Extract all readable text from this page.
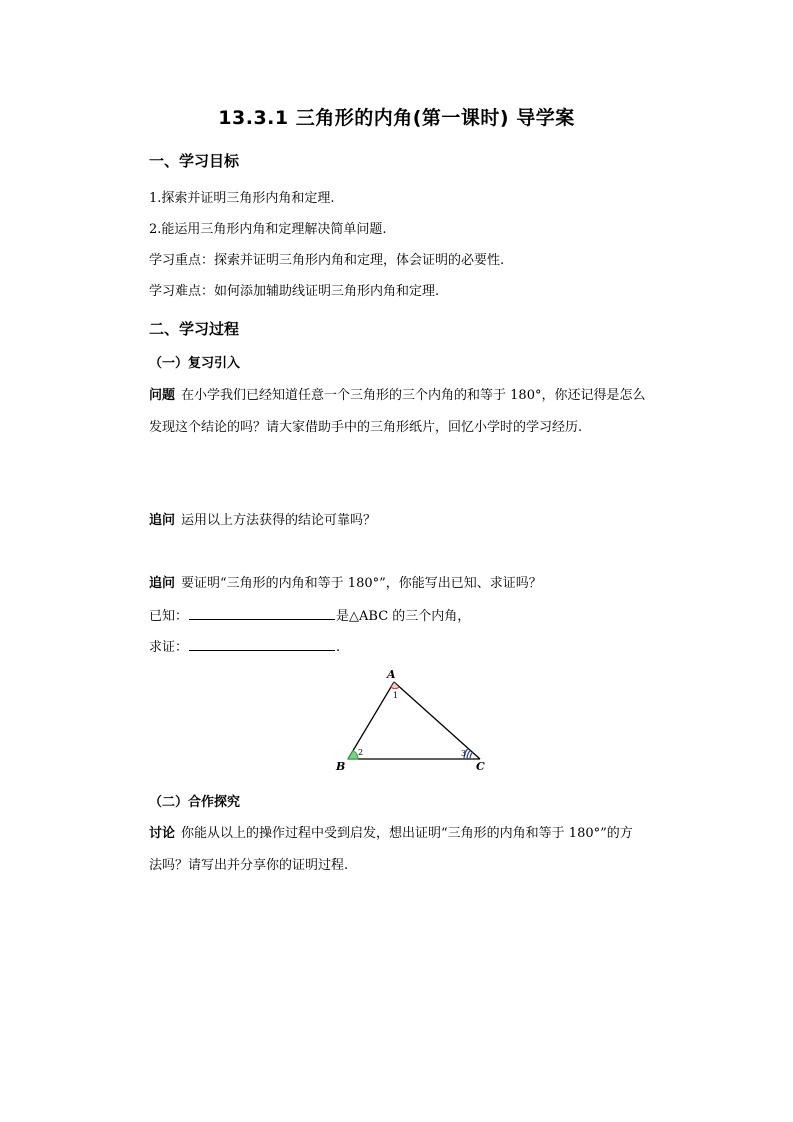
13.3.1 三角形的内角(第一课时) 导学案
一、学习目标
1.探索并证明三角形内角和定理.
2.能运用三角形内角和定理解决简单问题.
学习重点：探索并证明三角形内角和定理，体会证明的必要性.
学习难点：如何添加辅助线证明三角形内角和定理.
二、学习过程
（一）复习引入
问题 在小学我们已经知道任意一个三角形的三个内角的和等于 180°，你还记得是怎么
发现这个结论的吗？请大家借助手中的三角形纸片，回忆小学时的学习经历.
追问 运用以上方法获得的结论可靠吗？
追问 要证明“三角形的内角和等于 180°”，你能写出已知、求证吗？
已知：	是△ABC 的三个内角，
求证：	.
A
B	C
1
2	3
（二）合作探究
讨论 你能从以上的操作过程中受到启发，想出证明“三角形的内角和等于 180°”的方
法吗？请写出并分享你的证明过程.
